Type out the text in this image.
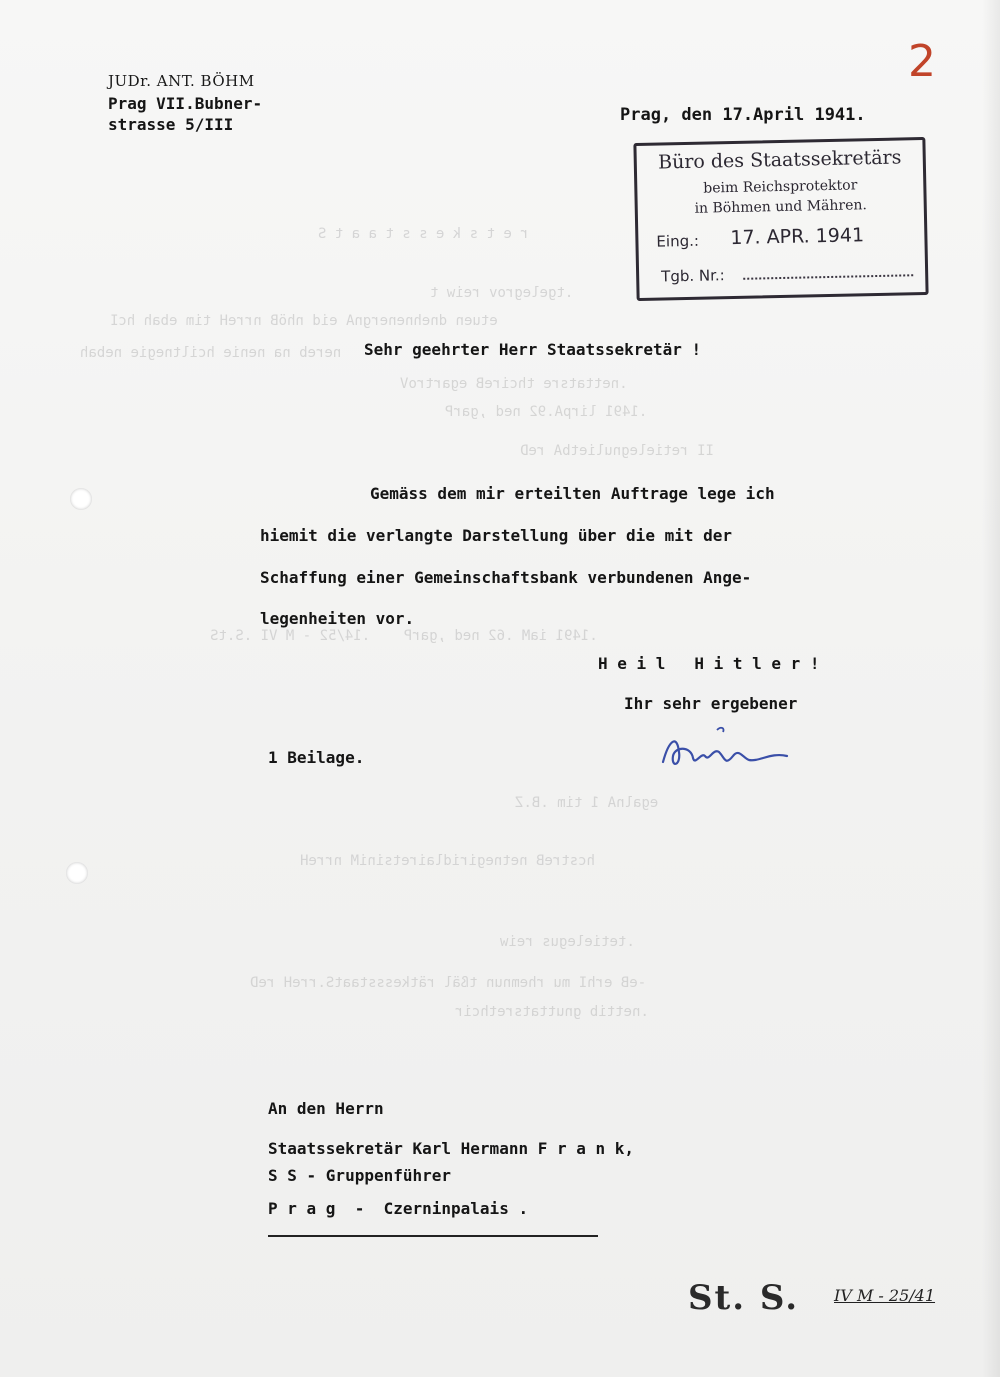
r e t s k e s s t a a t S
.tgelegrov reiw t
etuen dnehnenergnA eid nhöB nrreH tim ebah hcI
nereb na nenie hciltnegie nebah
.nettatsre thcireB egartroV
.1491 lirpA.92 ned ,garP
II retielegnulietbA reD
.1491 iaM .62 ned ,garP    .14/52 - M VI .S.tS
egalnA 1 tim .B.Z
hcstreB netnegiridlairetsiniM nrreH
.tetielegus reiw
-eB erhI mu rhemnun tßäl rätkessstaatS.rreH reD
.nettib gnuttatsrethcir
2
JUDr. ANT. BÖHM
Prag VII.Bubner-
strasse 5/III	Prag, den 17.April 1941.
Büro des Staatssekretärs
beim Reichsprotektor
in Böhmen und Mähren.
Eing.: 17. APR. 1941
Tgb. Nr.:
Sehr geehrter Herr Staatssekretär !
Gemäss dem mir erteilten Auftrage lege ich
hiemit die verlangte Darstellung über die mit der
Schaffung einer Gemeinschaftsbank verbundenen Ange-
legenheiten vor.
H e i l   H i t l e r !
Ihr sehr ergebener
1 Beilage.
An den Herrn
Staatssekretär Karl Hermann F r a n k,
S S - Gruppenführer
P r a g  -  Czerninpalais .
St. S. IV M - 25/41
